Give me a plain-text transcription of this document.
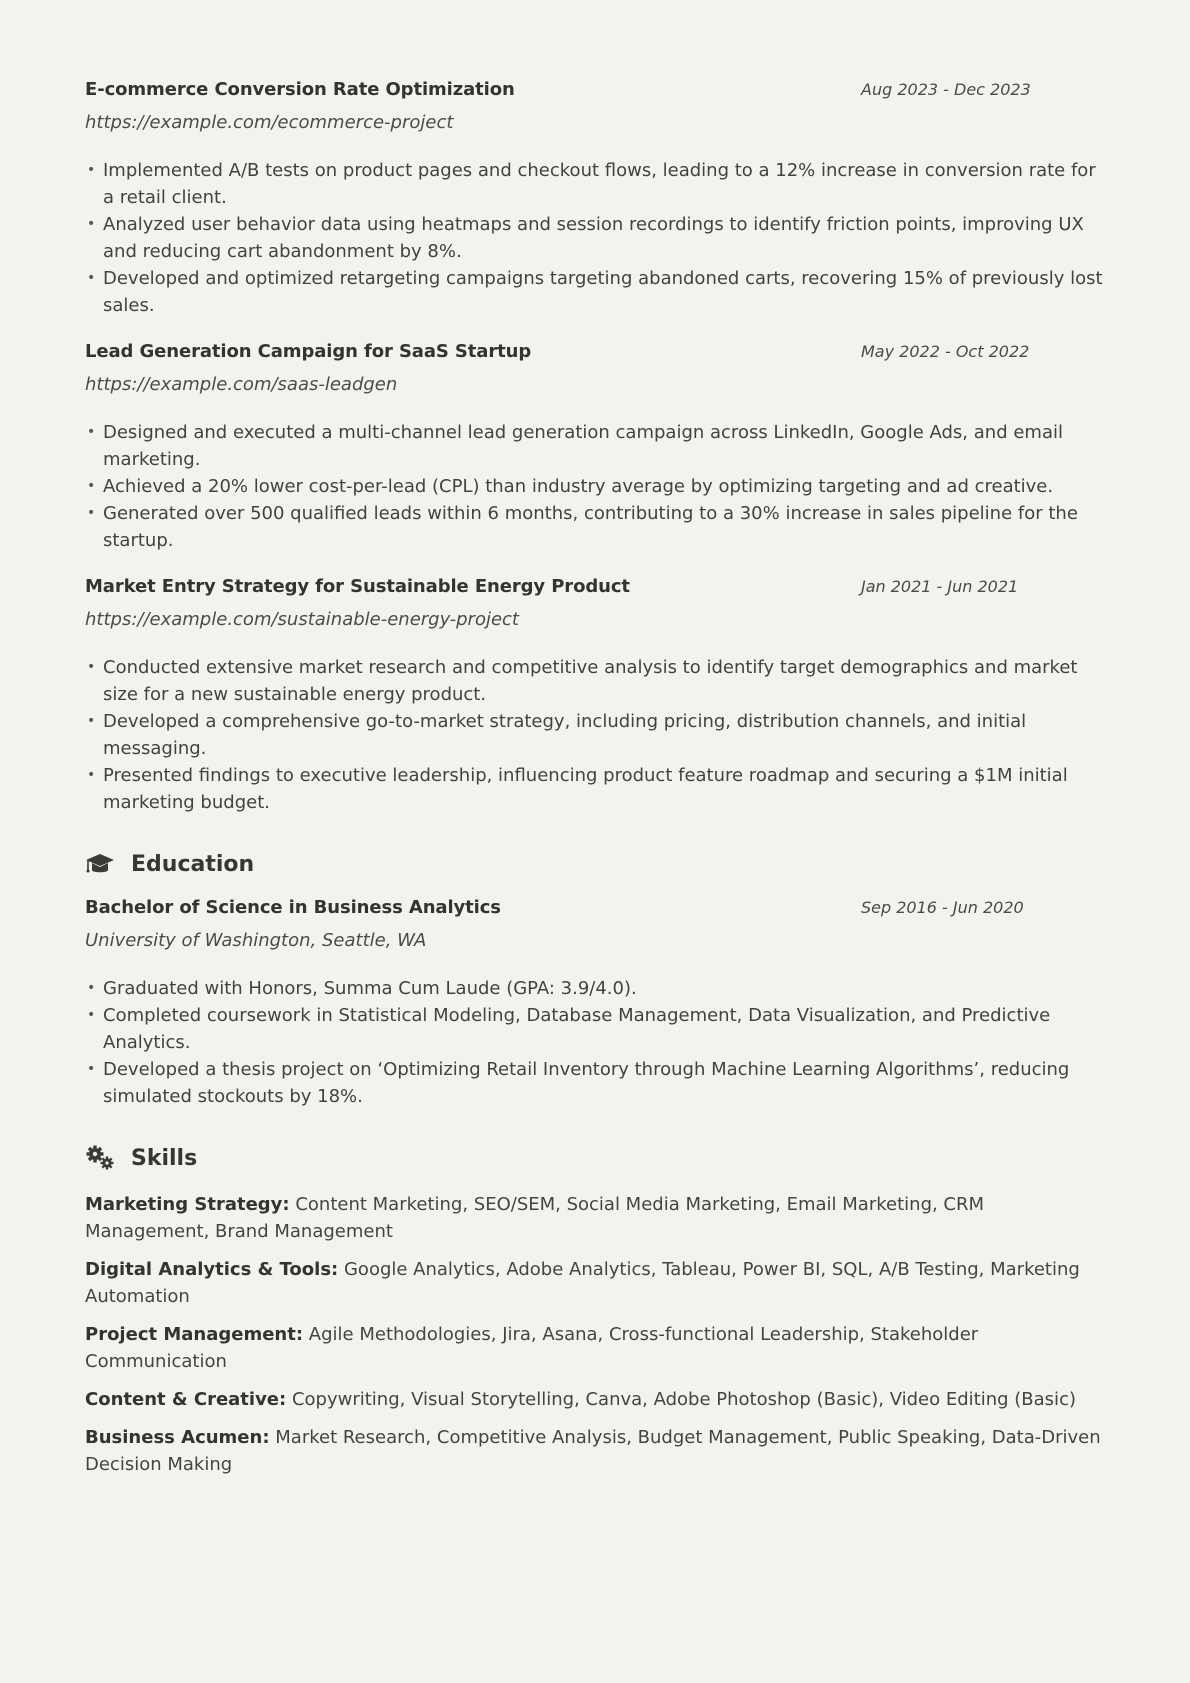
E-commerce Conversion Rate Optimization	Aug 2023 - Dec 2023
https://example.com/ecommerce-project
• Implemented A/B tests on product pages and checkout flows, leading to a 12% increase in conversion rate for a retail client.
• Analyzed user behavior data using heatmaps and session recordings to identify friction points, improving UX and reducing cart abandonment by 8%.
• Developed and optimized retargeting campaigns targeting abandoned carts, recovering 15% of previously lost sales.
Lead Generation Campaign for SaaS Startup	May 2022 - Oct 2022
https://example.com/saas-leadgen
• Designed and executed a multi-channel lead generation campaign across LinkedIn, Google Ads, and email marketing.
• Achieved a 20% lower cost-per-lead (CPL) than industry average by optimizing targeting and ad creative.
• Generated over 500 qualified leads within 6 months, contributing to a 30% increase in sales pipeline for the startup.
Market Entry Strategy for Sustainable Energy Product	Jan 2021 - Jun 2021
https://example.com/sustainable-energy-project
• Conducted extensive market research and competitive analysis to identify target demographics and market size for a new sustainable energy product.
• Developed a comprehensive go-to-market strategy, including pricing, distribution channels, and initial messaging.
• Presented findings to executive leadership, influencing product feature roadmap and securing a $1M initial marketing budget.
Education
Bachelor of Science in Business Analytics	Sep 2016 - Jun 2020
University of Washington, Seattle, WA
• Graduated with Honors, Summa Cum Laude (GPA: 3.9/4.0).
• Completed coursework in Statistical Modeling, Database Management, Data Visualization, and Predictive Analytics.
• Developed a thesis project on ‘Optimizing Retail Inventory through Machine Learning Algorithms’, reducing simulated stockouts by 18%.
Skills
Marketing Strategy: Content Marketing, SEO/SEM, Social Media Marketing, Email Marketing, CRM Management, Brand Management
Digital Analytics & Tools: Google Analytics, Adobe Analytics, Tableau, Power BI, SQL, A/B Testing, Marketing Automation
Project Management: Agile Methodologies, Jira, Asana, Cross-functional Leadership, Stakeholder Communication
Content & Creative: Copywriting, Visual Storytelling, Canva, Adobe Photoshop (Basic), Video Editing (Basic)
Business Acumen: Market Research, Competitive Analysis, Budget Management, Public Speaking, Data-Driven Decision Making
